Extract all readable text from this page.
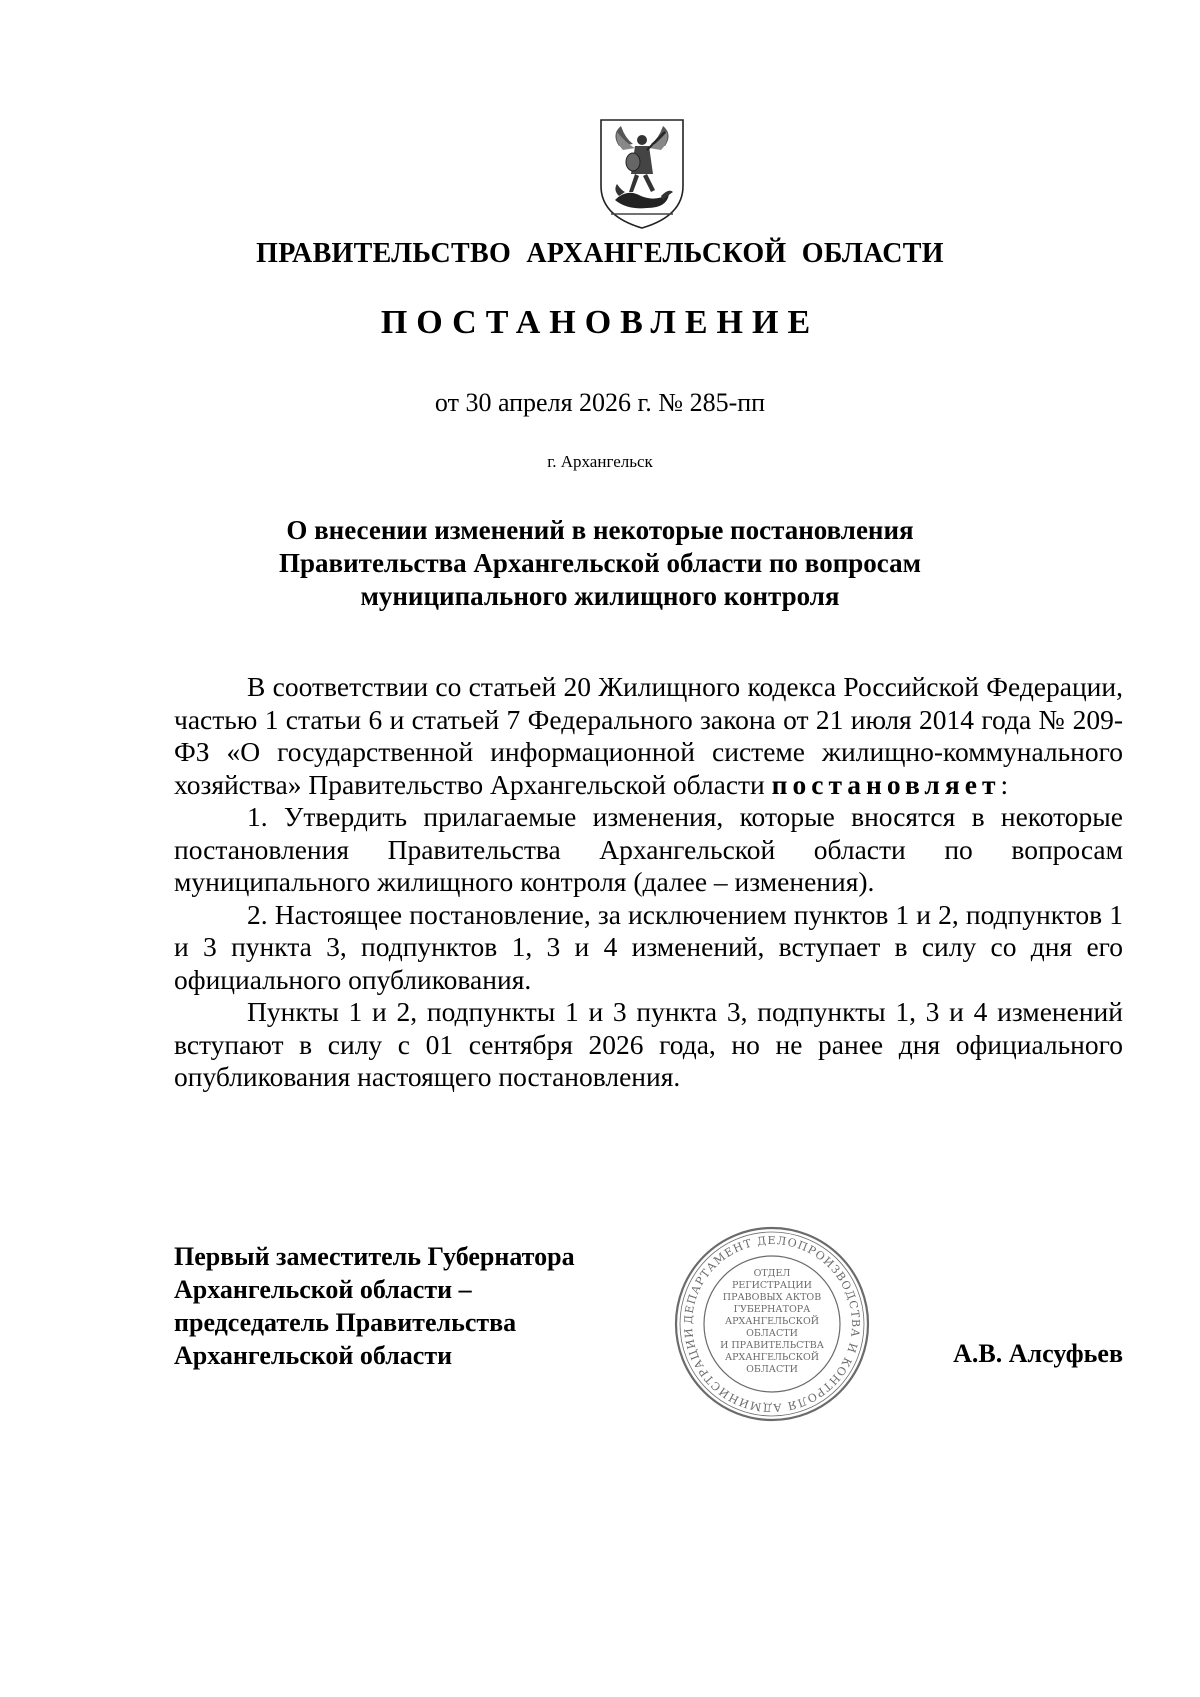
ПРАВИТЕЛЬСТВО АРХАНГЕЛЬСКОЙ ОБЛАСТИ
ПОСТАНОВЛЕНИЕ
от 30 апреля 2026 г. № 285-пп
г. Архангельск
О внесении изменений в некоторые постановления
Правительства Архангельской области по вопросам
муниципального жилищного контроля

В соответствии со статьей 20 Жилищного кодекса Российской Федерации, частью 1 статьи 6 и статьей 7 Федерального закона от 21 июля 2014 года № 209-ФЗ «О государственной информационной системе жилищно-коммунального хозяйства» Правительство Архангельской области постановляет:

1. Утвердить прилагаемые изменения, которые вносятся в некоторые постановления Правительства Архангельской области по вопросам муниципального жилищного контроля (далее – изменения).

2. Настоящее постановление, за исключением пунктов 1 и 2, подпунктов 1 и 3 пункта 3, подпунктов 1, 3 и 4 изменений, вступает в силу со дня его официального опубликования.

Пункты 1 и 2, подпункты 1 и 3 пункта 3, подпункты 1, 3 и 4 изменений вступают в силу с 01 сентября 2026 года, но не ранее дня официального опубликования настоящего постановления.

Первый заместитель Губернатора
Архангельской области –
председатель Правительства
Архангельской области
ДЕПАРТАМЕНТ ДЕЛОПРОИЗВОДСТВА И КОНТРОЛЯ АДМИНИСТРАЦИИ
ОТДЕЛ
РЕГИСТРАЦИИ
ПРАВОВЫХ АКТОВ
ГУБЕРНАТОРА
АРХАНГЕЛЬСКОЙ
ОБЛАСТИ
И ПРАВИТЕЛЬСТВА
АРХАНГЕЛЬСКОЙ
ОБЛАСТИ
А.В. Алсуфьев
